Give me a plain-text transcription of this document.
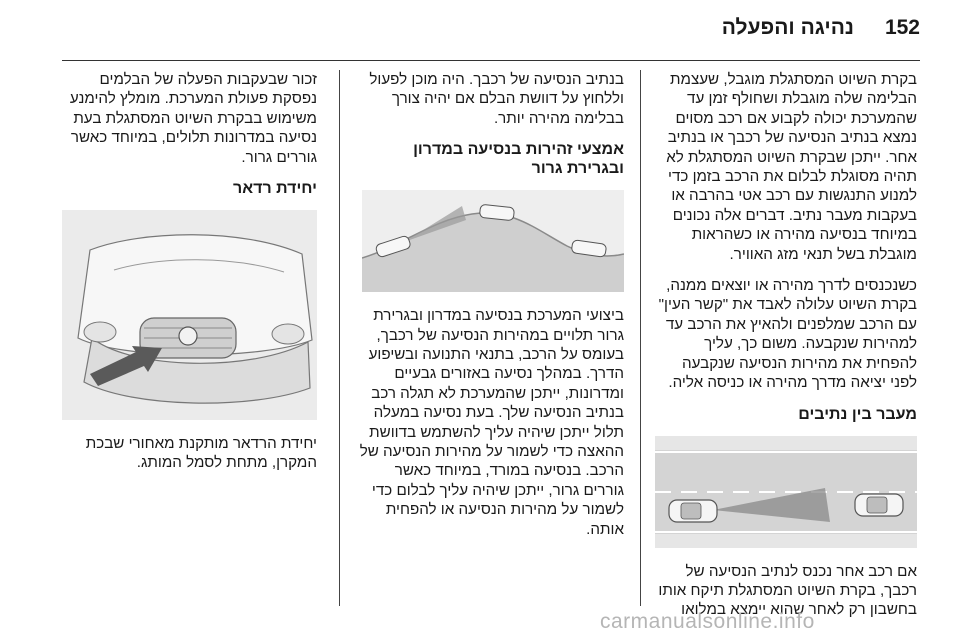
נהיגה והפעלה 152

בקרת השיוט המסתגלת מוגבל, שעצמת הבלימה שלה מוגבלת ושחולף זמן עד שהמערכת יכולה לקבוע אם רכב מסוים נמצא בנתיב הנסיעה של רכבך או בנתיב אחר. ייתכן שבקרת השיוט המסתגלת לא תהיה מסוגלת לבלום את הרכב בזמן כדי למנוע התנגשות עם רכב אטי בהרבה או בעקבות מעבר נתיב. דברים אלה נכונים במיוחד בנסיעה מהירה או כשהראות מוגבלת בשל תנאי מזג האוויר.

כשנכנסים לדרך מהירה או יוצאים ממנה, בקרת השיוט עלולה לאבד את "קשר העין" עם הרכב שמלפנים ולהאיץ את הרכב עד למהירות שנקבעה. משום כך, עליך להפחית את מהירות הנסיעה שנקבעה לפני יציאה מדרך מהירה או כניסה אליה.

מעבר בין נתיבים

אם רכב אחר נכנס לנתיב הנסיעה של רכבך, בקרת השיוט המסתגלת תיקח אותו בחשבון רק לאחר שהוא יימצא במלואו

בנתיב הנסיעה של רכבך. היה מוכן לפעול וללחוץ על דוושת הבלם אם יהיה צורך בבלימה מהירה יותר.

אמצעי זהירות בנסיעה במדרון ובגרירת גרור

ביצועי המערכת בנסיעה במדרון ובגרירת גרור תלויים במהירות הנסיעה של רכבך, בעומס על הרכב, בתנאי התנועה ובשיפוע הדרך. במהלך נסיעה באזורים גבעיים ומדרונות, ייתכן שהמערכת לא תגלה רכב בנתיב הנסיעה שלך. בעת נסיעה במעלה תלול ייתכן שיהיה עליך להשתמש בדוושת ההאצה כדי לשמור על מהירות הנסיעה של הרכב. בנסיעה במורד, במיוחד כאשר גוררים גרור, ייתכן שיהיה עליך לבלום כדי לשמור על מהירות הנסיעה או להפחית אותה.

זכור שבעקבות הפעלה של הבלמים נפסקת פעולת המערכת. מומלץ להימנע משימוש בבקרת השיוט המסתגלת בעת נסיעה במדרונות תלולים, במיוחד כאשר גוררים גרור.

יחידת רדאר

יחידת הרדאר מותקנת מאחורי שבכת המקרן, מתחת לסמל המותג.

carmanualsonline.info
